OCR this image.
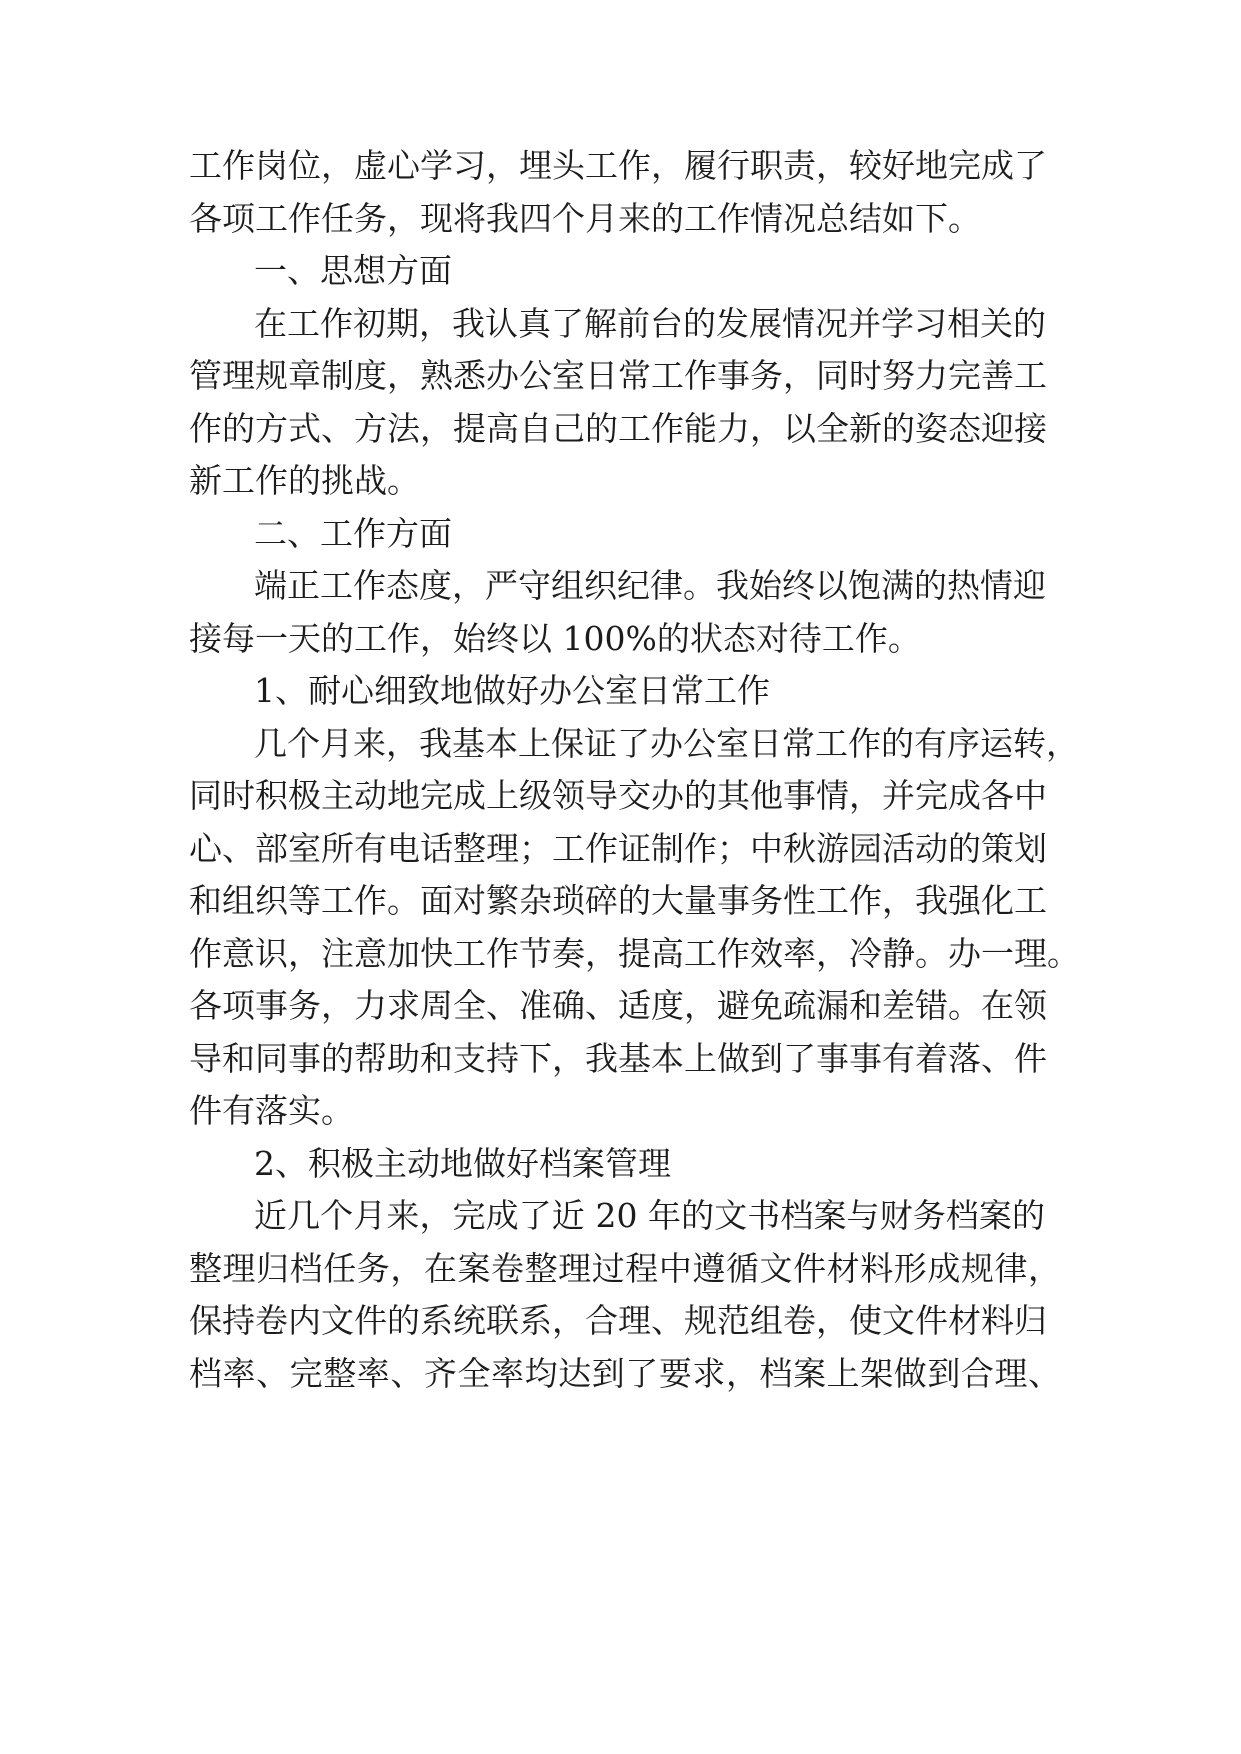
工作岗位，虚心学习，埋头工作，履行职责，较好地完成了

各项工作任务，现将我四个月来的工作情况总结如下。

一、思想方面

在工作初期，我认真了解前台的发展情况并学习相关的

管理规章制度，熟悉办公室日常工作事务，同时努力完善工

作的方式、方法，提高自己的工作能力，以全新的姿态迎接

新工作的挑战。

二、工作方面

端正工作态度，严守组织纪律。我始终以饱满的热情迎

接每一天的工作，始终以 100%的状态对待工作。

1、耐心细致地做好办公室日常工作

几个月来，我基本上保证了办公室日常工作的有序运转，

同时积极主动地完成上级领导交办的其他事情，并完成各中

心、部室所有电话整理；工作证制作；中秋游园活动的策划

和组织等工作。面对繁杂琐碎的大量事务性工作，我强化工

作意识，注意加快工作节奏，提高工作效率，冷静。办一理。

各项事务，力求周全、准确、适度，避免疏漏和差错。在领

导和同事的帮助和支持下，我基本上做到了事事有着落、件

件有落实。

2、积极主动地做好档案管理

近几个月来，完成了近 20 年的文书档案与财务档案的

整理归档任务，在案卷整理过程中遵循文件材料形成规律，

保持卷内文件的系统联系，合理、规范组卷，使文件材料归

档率、完整率、齐全率均达到了要求，档案上架做到合理、
